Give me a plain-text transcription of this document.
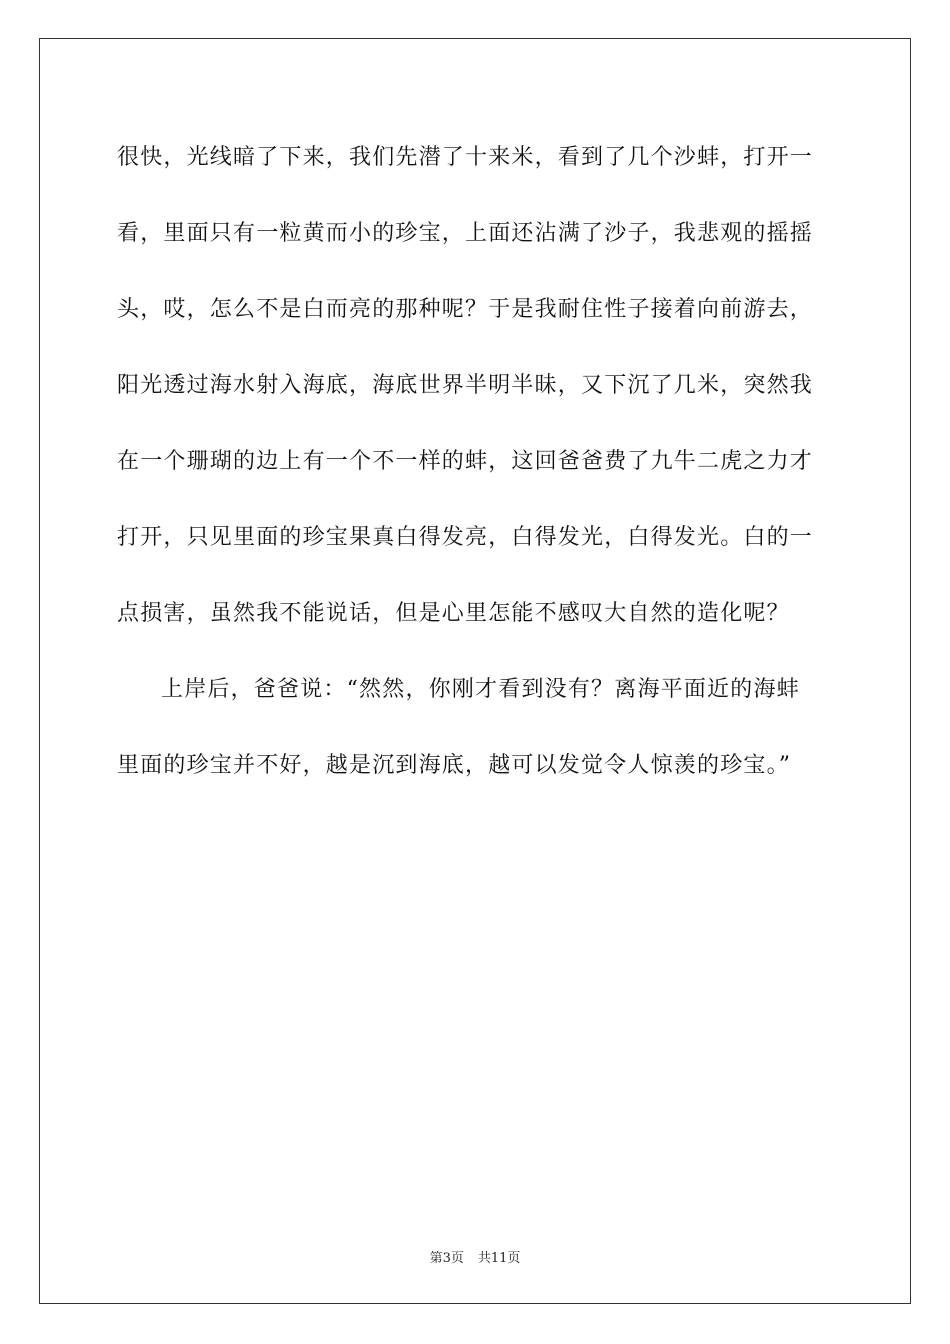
很快，光线暗了下来，我们先潜了十来米，看到了几个沙蚌，打开一
看，里面只有一粒黄而小的珍宝，上面还沾满了沙子，我悲观的摇摇
头，哎，怎么不是白而亮的那种呢？于是我耐住性子接着向前游去，
阳光透过海水射入海底，海底世界半明半昧，又下沉了几米，突然我
在一个珊瑚的边上有一个不一样的蚌，这回爸爸费了九牛二虎之力才
打开，只见里面的珍宝果真白得发亮，白得发光，白得发光。白的一
点损害，虽然我不能说话，但是心里怎能不感叹大自然的造化呢？
上岸后，爸爸说：“然然，你刚才看到没有？离海平面近的海蚌
里面的珍宝并不好，越是沉到海底，越可以发觉令人惊羡的珍宝。”
第3页 共11页
